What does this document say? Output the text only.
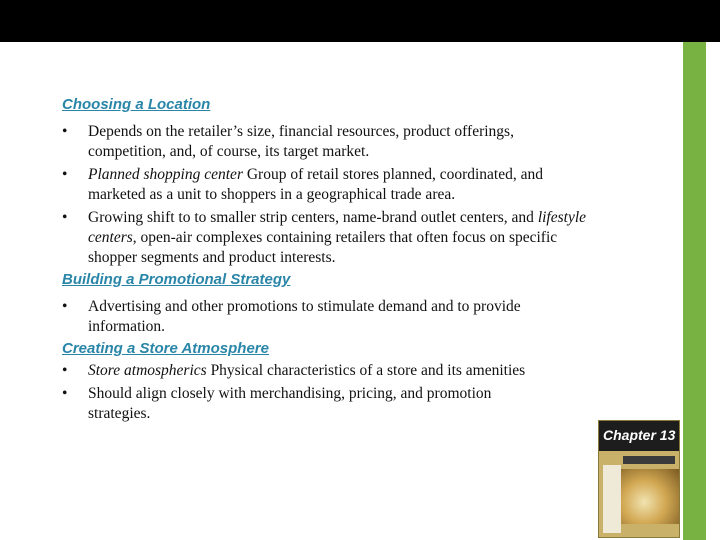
Choosing a Location
• Depends on the retailer’s size, financial resources, product offerings,
competition, and, of course, its target market.
• Planned shopping center Group of retail stores planned, coordinated, and
marketed as a unit to shoppers in a geographical trade area.
• Growing shift to to smaller strip centers, name-brand outlet centers, and lifestyle
centers, open-air complexes containing retailers that often focus on specific
shopper segments and product interests.
Building a Promotional Strategy
• Advertising and other promotions to stimulate demand and to provide
information.
Creating a Store Atmosphere
• Store atmospherics Physical characteristics of a store and its amenities
• Should align closely with merchandising, pricing, and promotion
strategies.
Chapter 13
